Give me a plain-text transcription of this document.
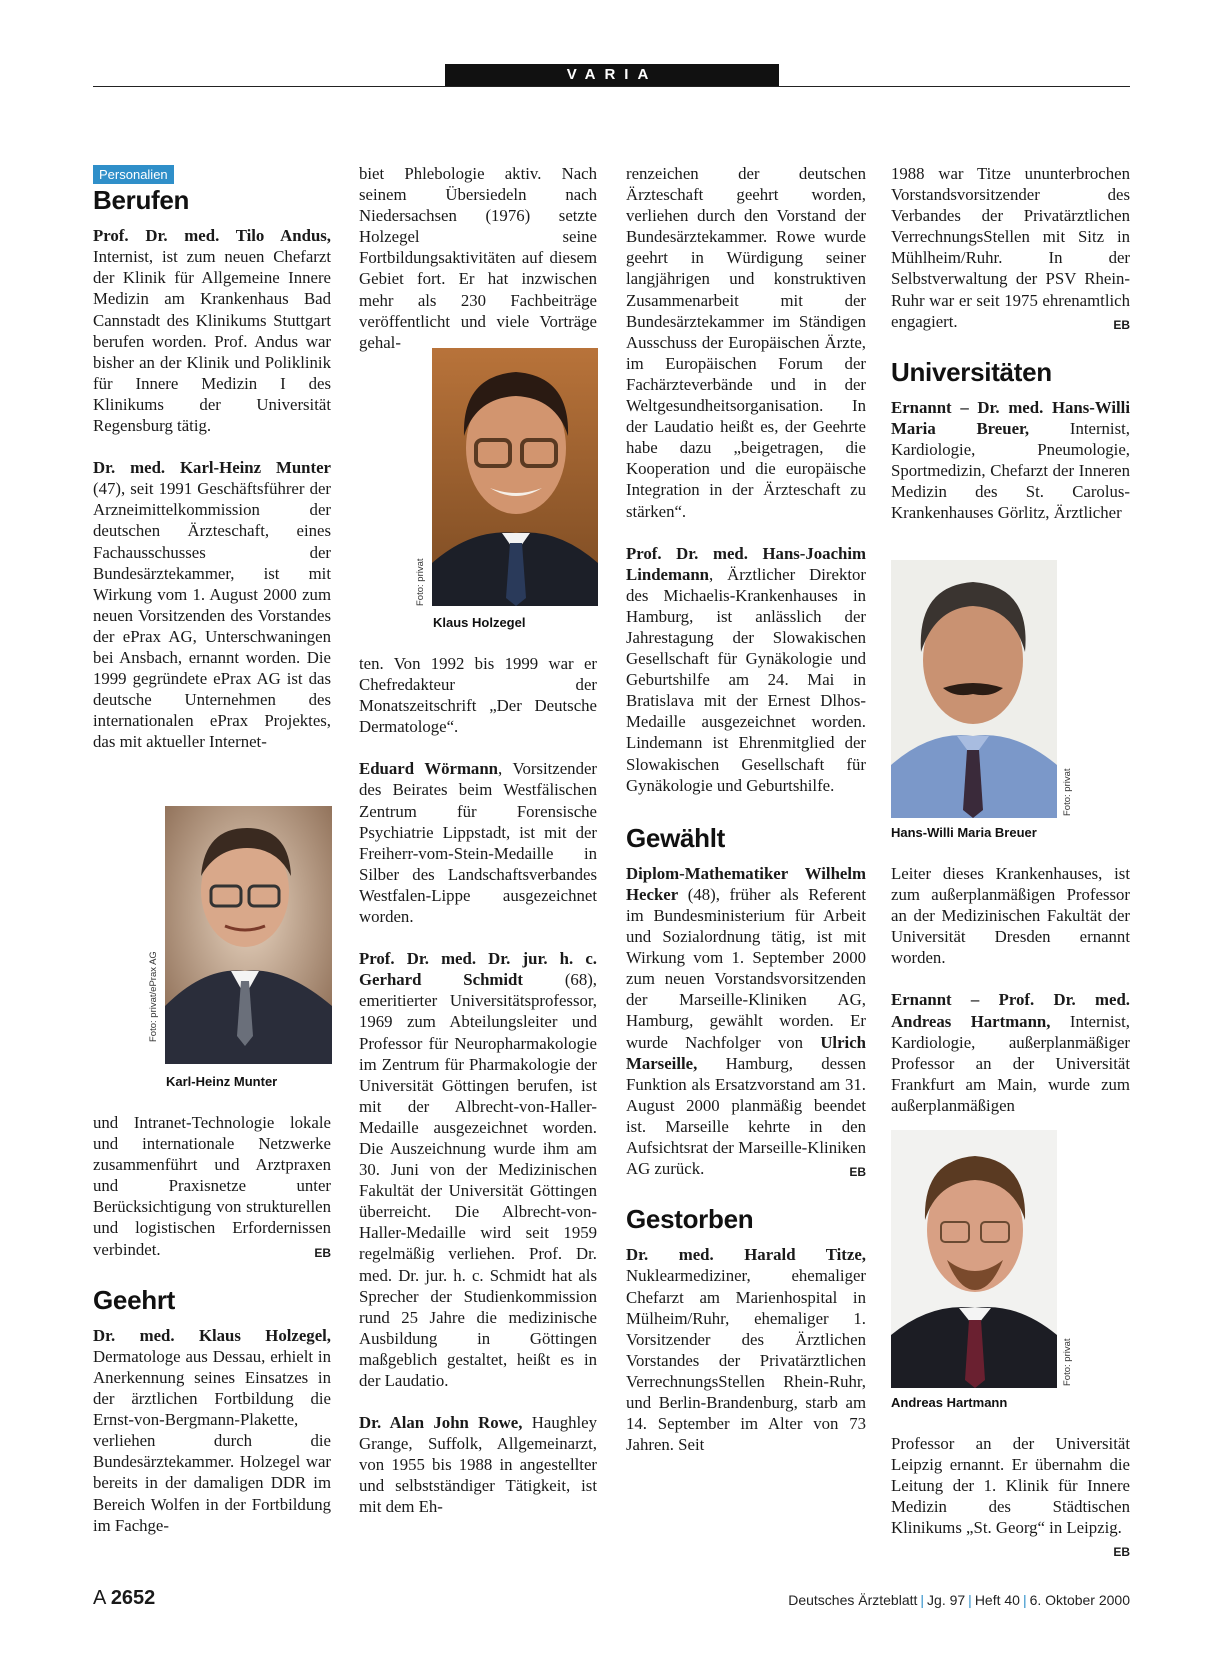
VARIA
Personalien
Berufen

Prof. Dr. med. Tilo Andus, Internist, ist zum neuen Chefarzt der Klinik für Allgemeine Innere Medizin am Krankenhaus Bad Cannstadt des Klinikums Stuttgart berufen worden. Prof. Andus war bisher an der Klinik und Poliklinik für Innere Medizin I des Klinikums der Universität Regensburg tätig.

Dr. med. Karl-Heinz Munter (47), seit 1991 Geschäftsführer der Arzneimittelkommission der deutschen Ärzteschaft, eines Fachausschusses der Bundesärztekammer, ist mit Wirkung vom 1. August 2000 zum neuen Vorsitzenden des Vorstandes der ePrax AG, Unterschwaningen bei Ansbach, ernannt worden. Die 1999 gegründete ePrax AG ist das deutsche Unternehmen des internationalen ePrax Projektes, das mit aktueller Internet-

Foto: privat/ePrax AG
Karl-Heinz Munter

und Intranet-Technologie lokale und internationale Netzwerke zusammenführt und Arztpraxen und Praxisnetze unter Berücksichtigung von strukturellen und logistischen Erfordernissen verbindet.	EB

Geehrt

Dr. med. Klaus Holzegel, Dermatologe aus Dessau, erhielt in Anerkennung seines Einsatzes in der ärztlichen Fortbildung die Ernst-von-Bergmann-Plakette, verliehen durch die Bundesärztekammer. Holzegel war bereits in der damaligen DDR im Bereich Wolfen in der Fortbildung im Fachge-

biet Phlebologie aktiv. Nach seinem Übersiedeln nach Niedersachsen (1976) setzte Holzegel seine Fortbildungsaktivitäten auf diesem Gebiet fort. Er hat inzwischen mehr als 230 Fachbeiträge veröffentlicht und viele Vorträge gehal-

Foto: privat
Klaus Holzegel

ten. Von 1992 bis 1999 war er Chefredakteur der Monatszeitschrift „Der Deutsche Dermatologe“.

Eduard Wörmann, Vorsitzender des Beirates beim Westfälischen Zentrum für Forensische Psychiatrie Lippstadt, ist mit der Freiherr-vom-Stein-Medaille in Silber des Landschaftsverbandes Westfalen-Lippe ausgezeichnet worden.

Prof. Dr. med. Dr. jur. h. c. Gerhard Schmidt (68), emeritierter Universitätsprofessor, 1969 zum Abteilungsleiter und Professor für Neuropharmakologie im Zentrum für Pharmakologie der Universität Göttingen berufen, ist mit der Albrecht-von-Haller-Medaille ausgezeichnet worden. Die Auszeichnung wurde ihm am 30. Juni von der Medizinischen Fakultät der Universität Göttingen überreicht. Die Albrecht-von-Haller-Medaille wird seit 1959 regelmäßig verliehen. Prof. Dr. med. Dr. jur. h. c. Schmidt hat als Sprecher der Studienkommission rund 25 Jahre die medizinische Ausbildung in Göttingen maßgeblich gestaltet, heißt es in der Laudatio.

Dr. Alan John Rowe, Haughley Grange, Suffolk, Allgemeinarzt, von 1955 bis 1988 in angestellter und selbstständiger Tätigkeit, ist mit dem Eh-

renzeichen der deutschen Ärzteschaft geehrt worden, verliehen durch den Vorstand der Bundesärztekammer. Rowe wurde geehrt in Würdigung seiner langjährigen und konstruktiven Zusammenarbeit mit der Bundesärztekammer im Ständigen Ausschuss der Europäischen Ärzte, im Europäischen Forum der Fachärzteverbände und in der Weltgesundheitsorganisation. In der Laudatio heißt es, der Geehrte habe dazu „beigetragen, die Kooperation und die europäische Integration in der Ärzteschaft zu stärken“.

Prof. Dr. med. Hans-Joachim Lindemann, Ärztlicher Direktor des Michaelis-Krankenhauses in Hamburg, ist anlässlich der Jahrestagung der Slowakischen Gesellschaft für Gynäkologie und Geburtshilfe am 24. Mai in Bratislava mit der Ernest Dlhos-Medaille ausgezeichnet worden. Lindemann ist Ehrenmitglied der Slowakischen Gesellschaft für Gynäkologie und Geburtshilfe.

Gewählt

Diplom-Mathematiker Wilhelm Hecker (48), früher als Referent im Bundesministerium für Arbeit und Sozialordnung tätig, ist mit Wirkung vom 1. September 2000 zum neuen Vorstandsvorsitzenden der Marseille-Kliniken AG, Hamburg, gewählt worden. Er wurde Nachfolger von Ulrich Marseille, Hamburg, dessen Funktion als Ersatzvorstand am 31. August 2000 planmäßig beendet ist. Marseille kehrte in den Aufsichtsrat der Marseille-Kliniken AG zurück.	EB

Gestorben

Dr. med. Harald Titze, Nuklearmediziner, ehemaliger Chefarzt am Marienhospital in Mülheim/Ruhr, ehemaliger 1. Vorsitzender des Ärztlichen Vorstandes der Privatärztlichen VerrechnungsStellen Rhein-Ruhr, und Berlin-Brandenburg, starb am 14. September im Alter von 73 Jahren. Seit

1988 war Titze ununterbrochen Vorstandsvorsitzender des Verbandes der Privatärztlichen VerrechnungsStellen mit Sitz in Mühlheim/Ruhr. In der Selbstverwaltung der PSV Rhein-Ruhr war er seit 1975 ehrenamtlich engagiert.	EB

Universitäten

Ernannt – Dr. med. Hans-Willi Maria Breuer, Internist, Kardiologie, Pneumologie, Sportmedizin, Chefarzt der Inneren Medizin des St. Carolus-Krankenhauses Görlitz, Ärztlicher

Foto: privat
Hans-Willi Maria Breuer

Leiter dieses Krankenhauses, ist zum außerplanmäßigen Professor an der Medizinischen Fakultät der Universität Dresden ernannt worden.

Ernannt – Prof. Dr. med. Andreas Hartmann, Internist, Kardiologie, außerplanmäßiger Professor an der Universität Frankfurt am Main, wurde zum außerplanmäßigen

Foto: privat
Andreas Hartmann

Professor an der Universität Leipzig ernannt. Er übernahm die Leitung der 1. Klinik für Innere Medizin des Städtischen Klinikums „St. Georg“ in Leipzig.
EB

A 2652	Deutsches Ärzteblatt | Jg. 97 | Heft 40 | 6. Oktober 2000
